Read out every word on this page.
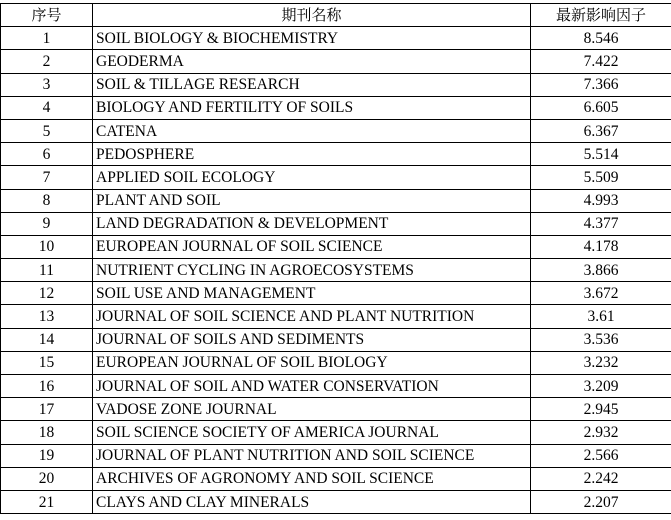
序号	期刊名称	最新影响因子
1	SOIL BIOLOGY & BIOCHEMISTRY	8.546
2	GEODERMA	7.422
3	SOIL & TILLAGE RESEARCH	7.366
4	BIOLOGY AND FERTILITY OF SOILS	6.605
5	CATENA	6.367
6	PEDOSPHERE	5.514
7	APPLIED SOIL ECOLOGY	5.509
8	PLANT AND SOIL	4.993
9	LAND DEGRADATION & DEVELOPMENT	4.377
10	EUROPEAN JOURNAL OF SOIL SCIENCE	4.178
11	NUTRIENT CYCLING IN AGROECOSYSTEMS	3.866
12	SOIL USE AND MANAGEMENT	3.672
13	JOURNAL OF SOIL SCIENCE AND PLANT NUTRITION	3.61
14	JOURNAL OF SOILS AND SEDIMENTS	3.536
15	EUROPEAN JOURNAL OF SOIL BIOLOGY	3.232
16	JOURNAL OF SOIL AND WATER CONSERVATION	3.209
17	VADOSE ZONE JOURNAL	2.945
18	SOIL SCIENCE SOCIETY OF AMERICA JOURNAL	2.932
19	JOURNAL OF PLANT NUTRITION AND SOIL SCIENCE	2.566
20	ARCHIVES OF AGRONOMY AND SOIL SCIENCE	2.242
21	CLAYS AND CLAY MINERALS	2.207
